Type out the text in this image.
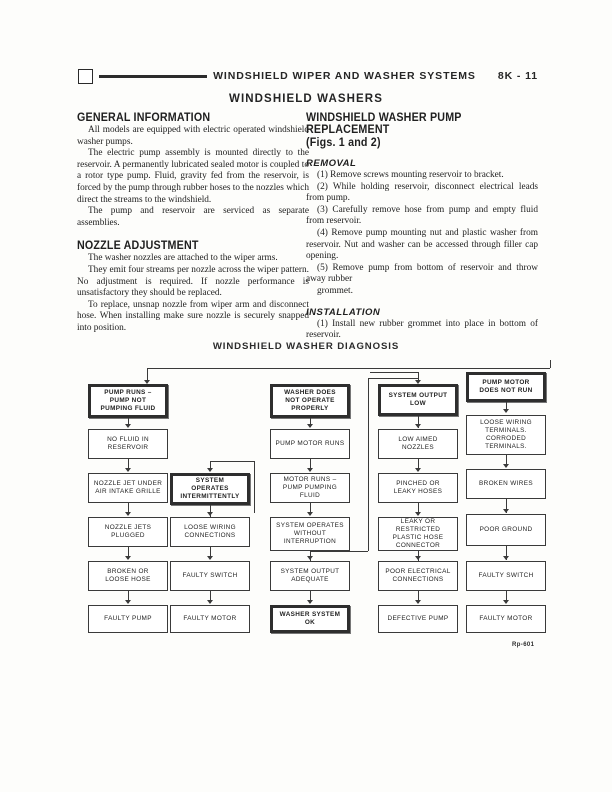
WINDSHIELD WIPER AND WASHER SYSTEMS 8K - 11
WINDSHIELD WASHERS
GENERAL INFORMATION

All models are equipped with electric operated windshield washer pumps.

The electric pump assembly is mounted directly to the reservoir. A permanently lubricated sealed motor is coupled to a rotor type pump. Fluid, gravity fed from the reservoir, is forced by the pump through rubber hoses to the nozzles which direct the streams to the windshield.

The pump and reservoir are serviced as separate assemblies.

NOZZLE ADJUSTMENT

The washer nozzles are attached to the wiper arms.

They emit four streams per nozzle across the wiper pattern. No adjustment is required. If nozzle performance is unsatisfactory they should be replaced.

To replace, unsnap nozzle from wiper arm and disconnect hose. When installing make sure nozzle is securely snapped into position.

WINDSHIELD WASHER PUMP REPLACEMENT
(Figs. 1 and 2)
REMOVAL

(1) Remove screws mounting reservoir to bracket.

(2) While holding reservoir, disconnect electrical leads from pump.

(3) Carefully remove hose from pump and empty fluid from reservoir.

(4) Remove pump mounting nut and plastic washer from reservoir. Nut and washer can be accessed through filler cap opening.

(5) Remove pump from bottom of reservoir and throw away rubber

grommet.

INSTALLATION

(1) Install new rubber grommet into place in bottom of reservoir.

WINDSHIELD WASHER DIAGNOSIS
PUMP RUNS –
PUMP NOT
PUMPING FLUID
NO FLUID IN
RESERVOIR
NOZZLE JET UNDER
AIR INTAKE GRILLE
NOZZLE JETS
PLUGGED
BROKEN OR
LOOSE HOSE
FAULTY PUMP
SYSTEM
OPERATES
INTERMITTENTLY
LOOSE WIRING
CONNECTIONS
FAULTY SWITCH
FAULTY MOTOR
WASHER DOES
NOT OPERATE
PROPERLY
PUMP MOTOR RUNS
MOTOR RUNS –
PUMP PUMPING FLUID
SYSTEM OPERATES
WITHOUT
INTERRUPTION
SYSTEM OUTPUT
ADEQUATE
WASHER SYSTEM
OK
SYSTEM OUTPUT
LOW
LOW AIMED
NOZZLES
PINCHED OR
LEAKY HOSES
LEAKY OR RESTRICTED
PLASTIC HOSE
CONNECTOR
POOR ELECTRICAL
CONNECTIONS
DEFECTIVE PUMP
PUMP MOTOR
DOES NOT RUN
LOOSE WIRING
TERMINALS.
CORRODED
TERMINALS.
BROKEN WIRES
POOR GROUND
FAULTY SWITCH
FAULTY MOTOR
Rp-601
